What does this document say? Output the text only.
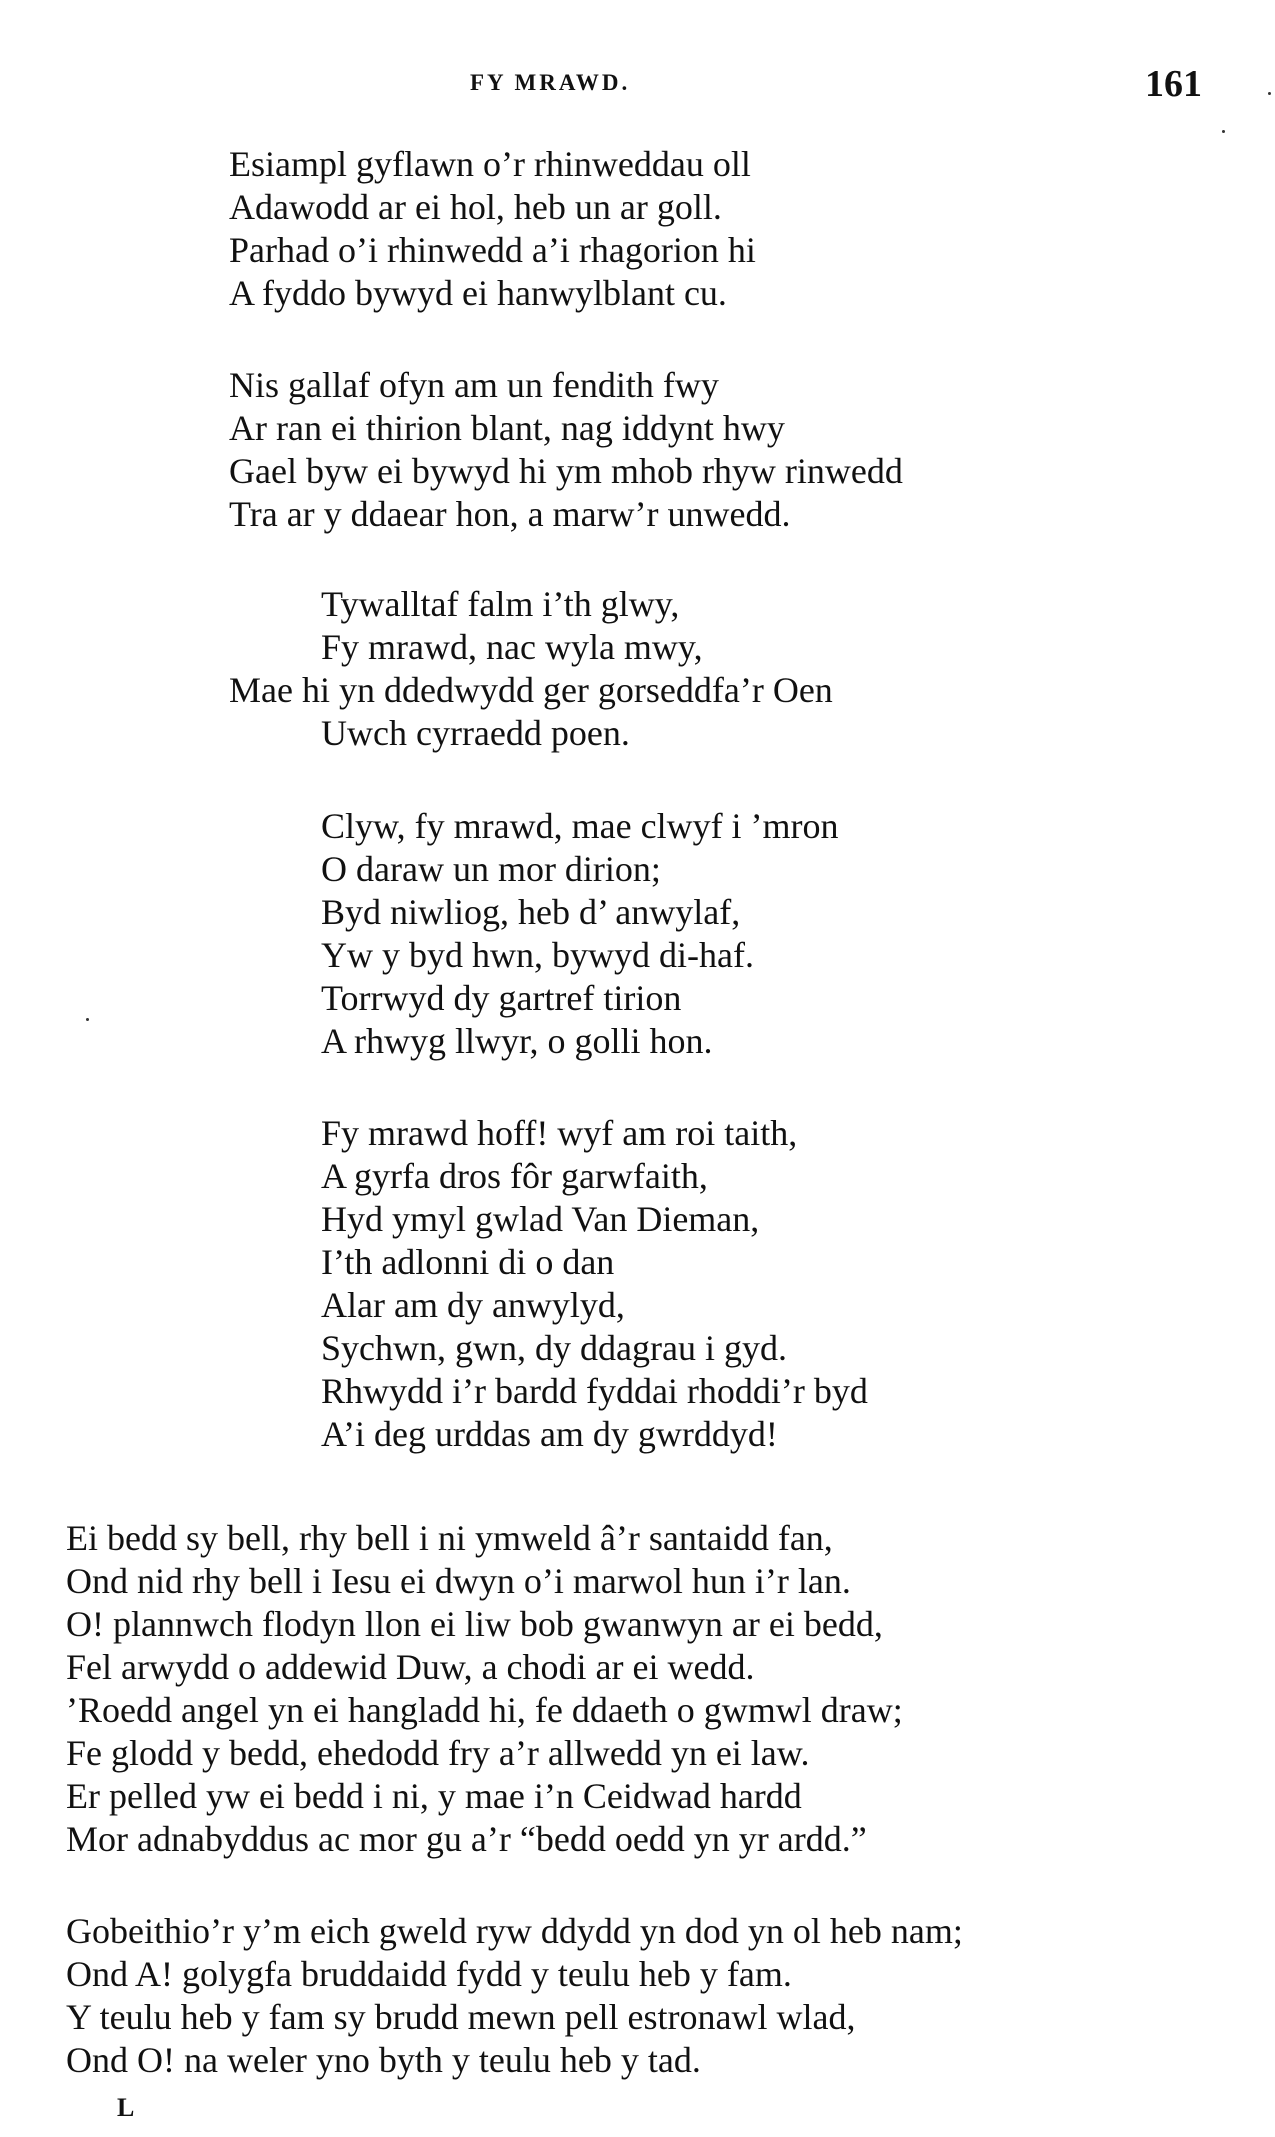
FY MRAWD.	161
Esiampl gyflawn o’r rhinweddau oll
Adawodd ar ei hol, heb un ar goll.
Parhad o’i rhinwedd a’i rhagorion hi
A fyddo bywyd ei hanwylblant cu.
Nis gallaf ofyn am un fendith fwy
Ar ran ei thirion blant, nag iddynt hwy
Gael byw ei bywyd hi ym mhob rhyw rinwedd
Tra ar y ddaear hon, a marw’r unwedd.
Tywalltaf falm i’th glwy,
Fy mrawd, nac wyla mwy,
Mae hi yn ddedwydd ger gorseddfa’r Oen
Uwch cyrraedd poen.
Clyw, fy mrawd, mae clwyf i ’mron
O daraw un mor dirion;
Byd niwliog, heb d’ anwylaf,
Yw y byd hwn, bywyd di-haf.
Torrwyd dy gartref tirion
A rhwyg llwyr, o golli hon.
Fy mrawd hoff! wyf am roi taith,
A gyrfa dros fôr garwfaith,
Hyd ymyl gwlad Van Dieman,
I’th adlonni di o dan
Alar am dy anwylyd,
Sychwn, gwn, dy ddagrau i gyd.
Rhwydd i’r bardd fyddai rhoddi’r byd
A’i deg urddas am dy gwrddyd!
Ei bedd sy bell, rhy bell i ni ymweld â’r santaidd fan,
Ond nid rhy bell i Iesu ei dwyn o’i marwol hun i’r lan.
O! plannwch flodyn llon ei liw bob gwanwyn ar ei bedd,
Fel arwydd o addewid Duw, a chodi ar ei wedd.
’Roedd angel yn ei hangladd hi, fe ddaeth o gwmwl draw;
Fe glodd y bedd, ehedodd fry a’r allwedd yn ei law.
Er pelled yw ei bedd i ni, y mae i’n Ceidwad hardd
Mor adnabyddus ac mor gu a’r “bedd oedd yn yr ardd.”
Gobeithio’r y’m eich gweld ryw ddydd yn dod yn ol heb nam;
Ond A! golygfa bruddaidd fydd y teulu heb y fam.
Y teulu heb y fam sy brudd mewn pell estronawl wlad,
Ond O! na weler yno byth y teulu heb y tad.
L
